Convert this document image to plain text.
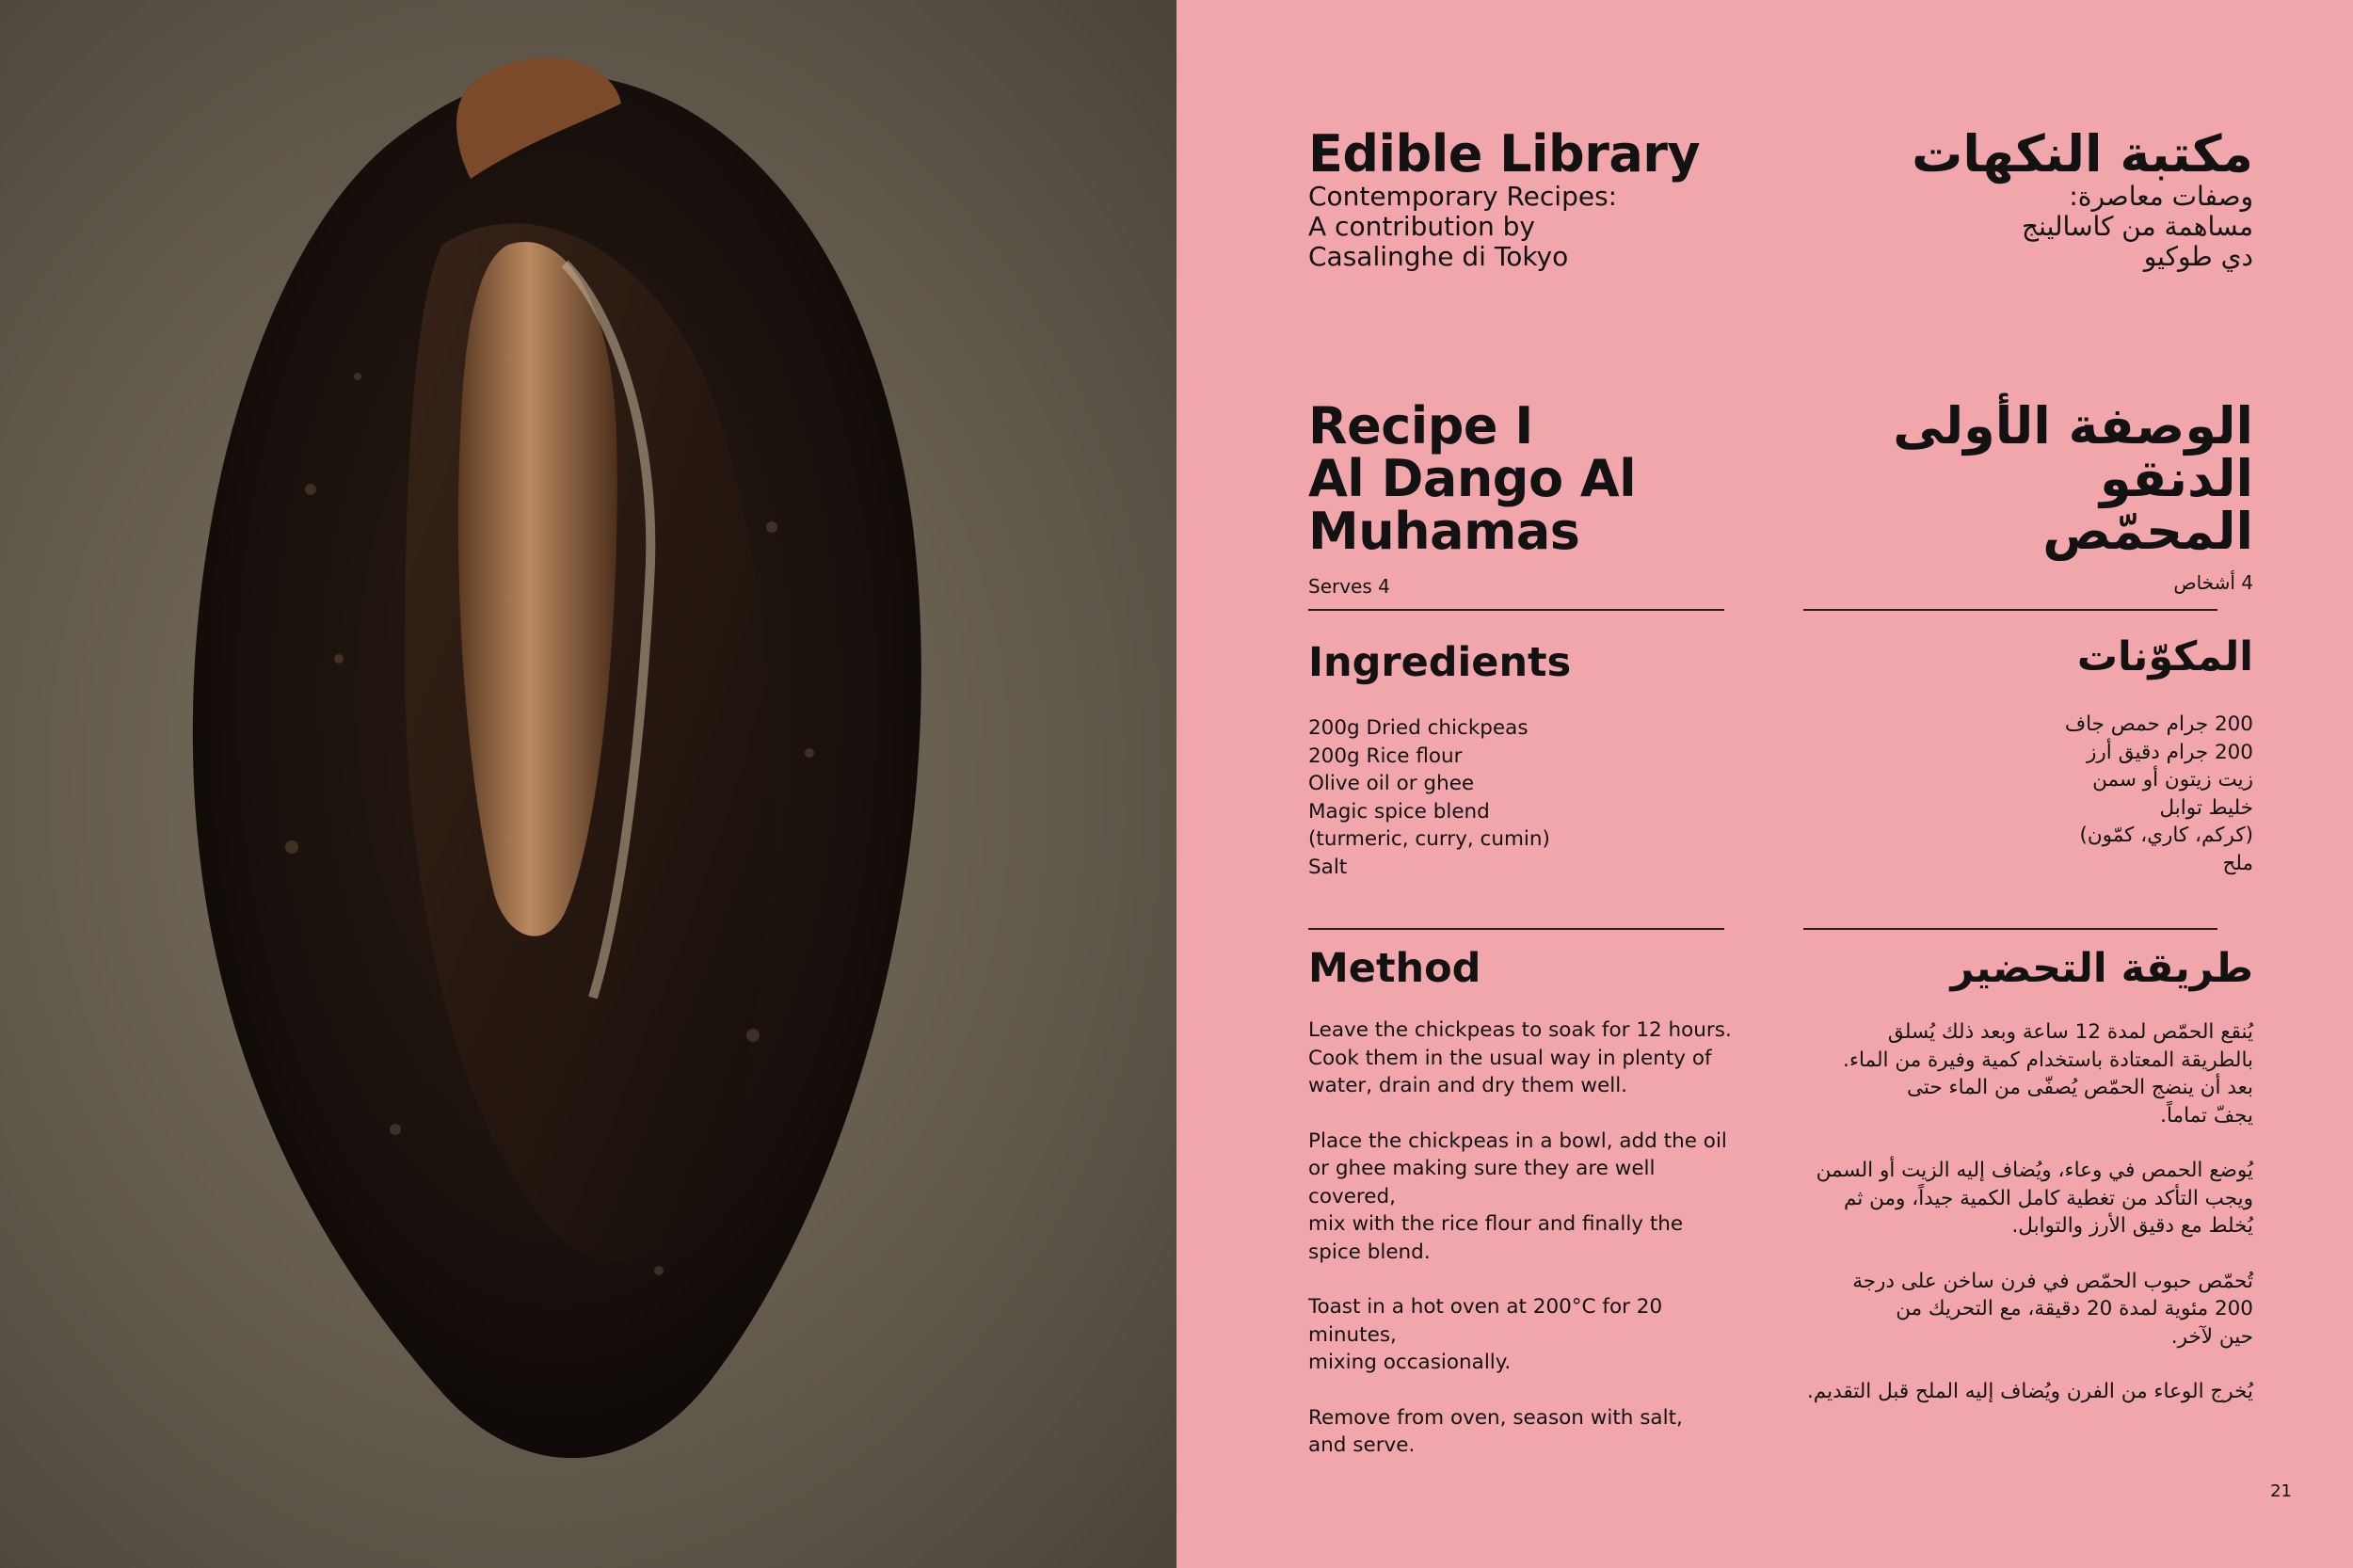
Edible Library

Contemporary Recipes:
A contribution by
Casalinghe di Tokyo

مكتبة النكهات

وصفات معاصرة:
مساهمة من كاسالينج
دي طوكيو

Recipe I
Al Dango Al
Muhamas

Serves 4

الوصفة الأولى
الدنقو
المحمّص

4 أشخاص

Ingredients

200g Dried chickpeas
200g Rice flour
Olive oil or ghee
Magic spice blend
(turmeric, curry, cumin)
Salt

المكوّنات

200 جرام حمص جاف
200 جرام دقيق أرز
زيت زيتون أو سمن
خليط توابل
(كركم، كاري، كمّون)
ملح

Method

Leave the chickpeas to soak for 12 hours.
Cook them in the usual way in plenty of
water, drain and dry them well.

Place the chickpeas in a bowl, add the oil
or ghee making sure they are well covered,
mix with the rice flour and finally the
spice blend.

Toast in a hot oven at 200°C for 20 minutes,
mixing occasionally.

Remove from oven, season with salt,
and serve.

طريقة التحضير

يُنقع الحمّص لمدة 12 ساعة وبعد ذلك يُسلق
بالطريقة المعتادة باستخدام كمية وفيرة من الماء.
بعد أن ينضج الحمّص يُصفّى من الماء حتى
يجفّ تماماً.

يُوضع الحمص في وعاء، ويُضاف إليه الزيت أو السمن
ويجب التأكد من تغطية كامل الكمية جيداً، ومن ثم
يُخلط مع دقيق الأرز والتوابل.

تُحمّص حبوب الحمّص في فرن ساخن على درجة
200 مئوية لمدة 20 دقيقة، مع التحريك من
حين لآخر.

يُخرج الوعاء من الفرن ويُضاف إليه الملح قبل التقديم.

21
